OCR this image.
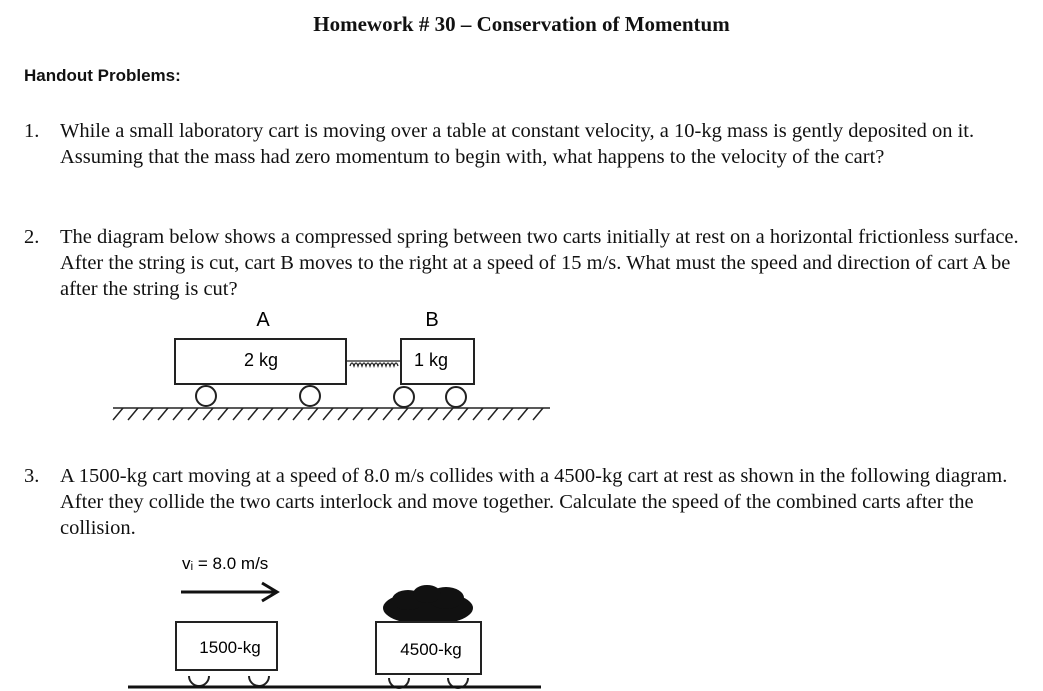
Homework # 30 – Conservation of Momentum
Handout Problems:
1.	While a small laboratory cart is moving over a table at constant velocity, a 10-kg mass is gently deposited on it. Assuming that the mass had zero momentum to begin with, what happens to the velocity of the cart?
2.	The diagram below shows a compressed spring between two carts initially at rest on a horizontal frictionless surface. After the string is cut, cart B moves to the right at a speed of 15 m/s. What must the speed and direction of cart A be after the string is cut?
3.	A 1500-kg cart moving at a speed of 8.0 m/s collides with a 4500-kg cart at rest as shown in the following diagram. After they collide the two carts interlock and move together. Calculate the speed of the combined carts after the collision.
A	B
2 kg	1 kg
vᵢ = 8.0 m/s
1500-kg	4500-kg
